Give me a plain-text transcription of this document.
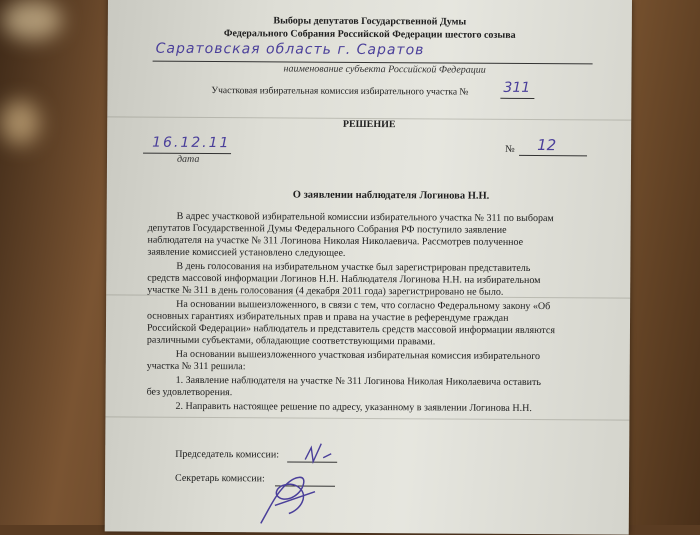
Выборы депутатов Государственной Думы
Федерального Собрания Российской Федерации шестого созыва
Саратовская область г. Саратов
наименование субъекта Российской Федерации
Участковая избирательная комиссия избирательного участка № 311
РЕШЕНИЕ
16.12.11
дата
№ 12
О заявлении наблюдателя Логинова Н.Н.
В адрес участковой избирательной комиссии избирательного участка № 311 по выборам
депутатов Государственной Думы Федерального Собрания РФ поступило заявление
наблюдателя на участке № 311 Логинова Николая Николаевича. Рассмотрев полученное
заявление комиссией установлено следующее.
В день голосования на избирательном участке был зарегистрирован представитель
средств массовой информации Логинов Н.Н. Наблюдателя Логинова Н.Н. на избирательном
участке № 311 в день голосования (4 декабря 2011 года) зарегистрировано не было.
На основании вышеизложенного, в связи с тем, что согласно Федеральному закону «Об
основных гарантиях избирательных прав и права на участие в референдуме граждан
Российской Федерации» наблюдатель и представитель средств массовой информации являются
различными субъектами, обладающие соответствующими правами.
На основании вышеизложенного участковая избирательная комиссия избирательного
участка № 311 решила:
1. Заявление наблюдателя на участке № 311 Логинова Николая Николаевича оставить
без удовлетворения.
2. Направить настоящее решение по адресу, указанному в заявлении Логинова Н.Н.
Председатель комиссии:
Секретарь комиссии:
